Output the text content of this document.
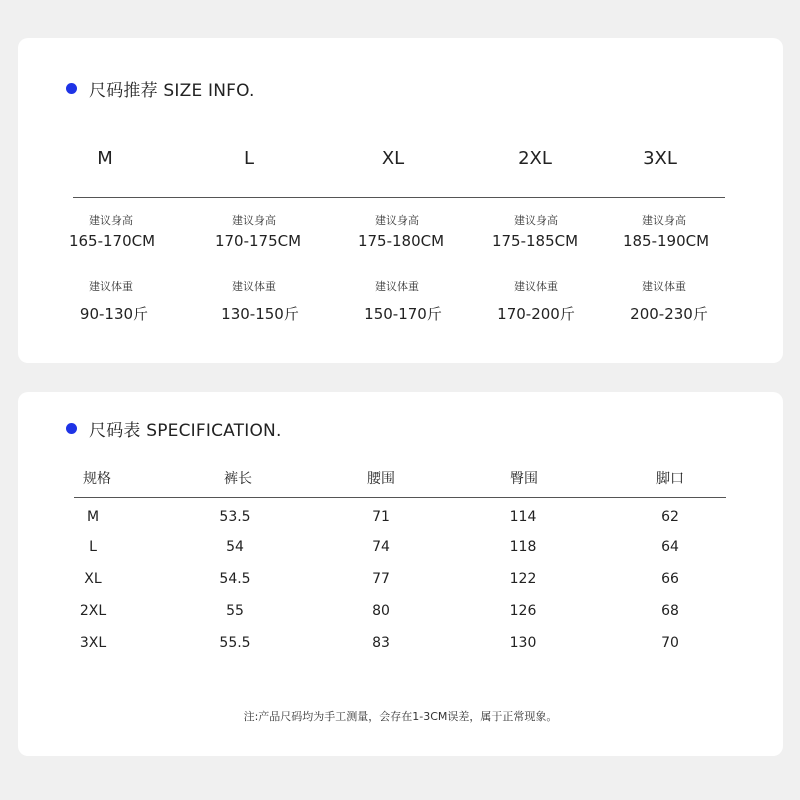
尺码推荐 SIZE INFO.
M	L	XL	2XL	3XL
建议身高	建议身高	建议身高	建议身高	建议身高
165-170CM	170-175CM	175-180CM	175-185CM	185-190CM
建议体重	建议体重	建议体重	建议体重	建议体重
90-130斤	130-150斤	150-170斤	170-200斤	200-230斤
尺码表 SPECIFICATION.
规格	裤长	腰围	臀围	脚口
M	53.5	71	114	62
L	54	74	118	64
XL	54.5	77	122	66
2XL	55	80	126	68
3XL	55.5	83	130	70
注:产品尺码均为手工测量，会存在1-3CM误差，属于正常现象。
